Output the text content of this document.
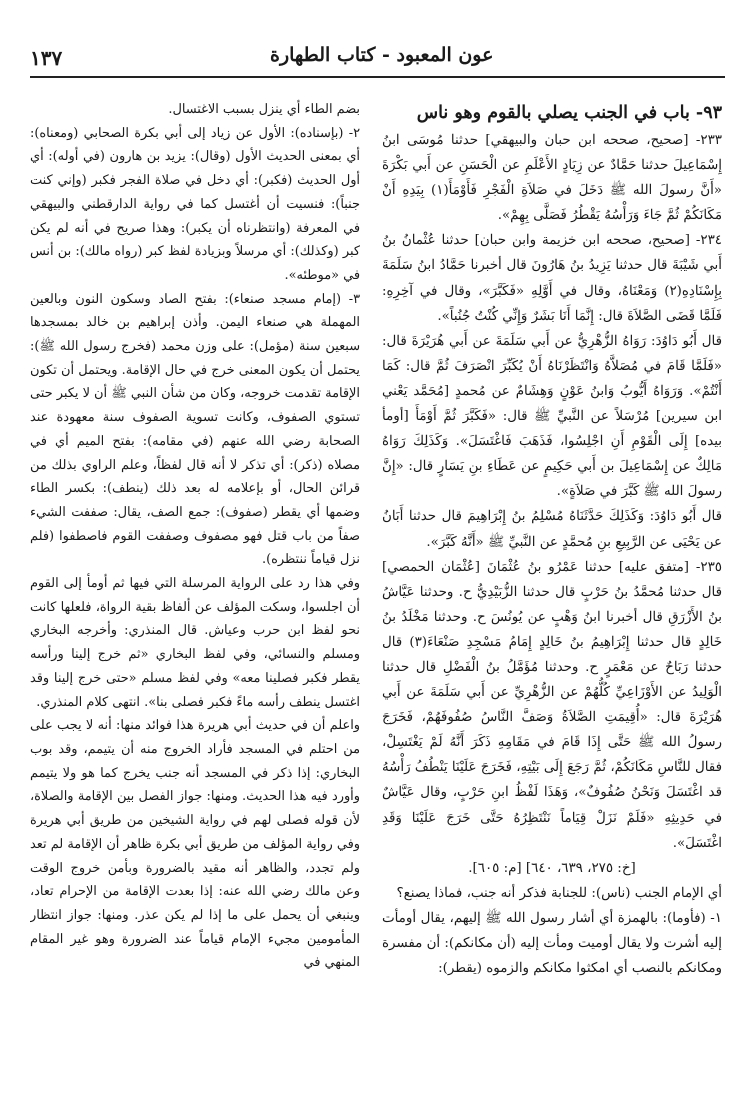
١٣٧	عون المعبود - كتاب الطهارة

٩٣- باب في الجنب يصلي بالقوم وهو ناس

٢٣٣- [صحيح، صححه ابن حبان والبيهقي] حدثنا مُوسَى ابنُ إِسْمَاعِيلَ حدثنا حَمَّادٌ عن زِيَادٍ الأَعْلَمِ عن الْحَسَنِ عن أَبي بَكْرَةَ «أَنَّ رسولَ الله ﷺ دَخَلَ في صَلاَةِ الْفَجْرِ فَأَوْمَأَ(١) بِيَدِهِ أَنْ مَكَانَكُمْ ثُمَّ جَاءَ وَرَأْسُهُ يَقْطُرُ فَصَلَّى بِهِمْ».

٢٣٤- [صحيح، صححه ابن خزيمة وابن حبان] حدثنا عُثْمانُ بنُ أَبي شَيْبَةَ قال حدثنا يَزِيدُ بنُ هَارُونَ قال أخبرنا حَمَّادُ ابنُ سَلَمَةَ بِإِسْنَادِهِ(٢) وَمَعْنَاهُ، وقال في أَوَّلِهِ «فَكَبَّرَ»، وقال في آخِرِهِ: فَلَمَّا قَضَى الصَّلاَةَ قال: إِنَّمَا أَنَا بَشَرٌ وَإِنِّي كُنْتُ جُنُباً».

قال أَبُو دَاوُدَ: رَوَاهُ الزُّهْرِيُّ عن أَبي سَلَمَةَ عن أَبي هُرَيْرَةَ قال: «فَلَمَّا قَامَ في مُصَلاَّهُ وَانْتَظَرْنَاهُ أَنْ يُكَبِّرَ انْصَرَفَ ثُمَّ قال: كَمَا أَنْتُمْ». وَرَوَاهُ أَيُّوبُ وَابنُ عَوْنٍ وَهِشَامٌ عن مُحمدٍ [مُحَمَّد يَعْني ابن سيرين] مُرْسَلاً عن النَّبيِّ ﷺ قال: «فَكَبَّرَ ثُمَّ أَوْمَأَ [أومأ بيده] إِلَى الْقَوْمِ أَنِ اجْلِسُوا، فَذَهَبَ فَاغْتَسَلَ». وَكَذَلِكَ رَوَاهُ مَالِكٌ عن إِسْمَاعِيلَ بن أَبي حَكِيمٍ عن عَطَاءِ بنِ يَسَارٍ قال: «إِنَّ رسولَ الله ﷺ كَبَّرَ في صَلاَةٍ».

قال أَبُو دَاوُدَ: وَكَذَلِكَ حَدَّثَنَاهُ مُسْلِمُ بنُ إِبْرَاهِيمَ قال حدثنا أَبَانُ عن يَحْيَى عن الرَّبِيعِ بنِ مُحمَّدٍ عن النَّبيِّ ﷺ «أَنَّهُ كَبَّرَ».

٢٣٥- [متفق عليه] حدثنا عَمْرُو بنُ عُثْمَانَ [عُثْمَان الحمصي] قال حدثنا مُحمَّدُ بنُ حَرْبٍ قال حدثنا الزُّبَيْدِيُّ ح. وحدثنا عَيَّاشُ بنُ الأَزْرَقِ قال أخبرنا ابنُ وَهْبٍ عن يُونُسَ ح. وحدثنا مَخْلَدُ بنُ خَالِدٍ قال حدثنا إِبْرَاهِيمُ بنُ خَالِدٍ إِمَامُ مَسْجِدِ صَنْعَاءَ(٣) قال حدثنا رَبَاحٌ عن مَعْمَرٍ ح. وحدثنا مُؤَمَّلُ بنُ الْفَضْلِ قال حدثنا الْوَلِيدُ عن الأَوْزَاعِيِّ كُلُّهُمْ عن الزُّهْرِيِّ عن أَبي سَلَمَةَ عن أَبي هُرَيْرَةَ قال: «أُقِيمَتِ الصَّلاَةُ وَصَفَّ النَّاسُ صُفُوفَهُمْ، فَخَرَجَ رسولُ الله ﷺ حَتَّى إِذَا قَامَ في مَقَامِهِ ذَكَرَ أَنَّهُ لَمْ يَغْتَسِلْ، فقال للنَّاسِ مَكَانَكُمْ، ثُمَّ رَجَعَ إِلَى بَيْتِهِ، فَخَرَجَ عَلَيْنَا يَنْطُفُ رَأْسُهُ قد اغْتَسَلَ وَنَحْنُ صُفُوفٌ»، وَهَذَا لَفْظُ ابنِ حَرْبٍ، وقال عَيَّاشٌ في حَدِيثِهِ «فَلَمْ نَزَلْ قِيَاماً نَنْتَظِرُهُ حَتَّى خَرَجَ عَلَيْنَا وَقَدِ اغْتَسَلَ».

[خ: ٢٧٥، ٦٣٩، ٦٤٠] [م: ٦٠٥].

أي الإمام الجنب (ناس): للجنابة فذكر أنه جنب، فماذا يصنع؟

١- (فأوما): بالهمزة أي أشار رسول الله ﷺ إليهم، يقال أومأت إليه أشرت ولا يقال أوميت ومأت إليه (أن مكانكم): أن مفسرة ومكانكم بالنصب أي امكثوا مكانكم والزموه (يقطر):

بضم الطاء أي ينزل بسبب الاغتسال.

٢- (بإسناده): الأول عن زياد إلى أبي بكرة الصحابي (ومعناه): أي بمعنى الحديث الأول (وقال): يزيد بن هارون (في أوله): أي أول الحديث (فكبر): أي دخل في صلاة الفجر فكبر (وإني كنت جنباً): فنسيت أن أغتسل كما في رواية الدارقطني والبيهقي في المعرفة (وانتظرناه أن يكبر): وهذا صريح في أنه لم يكن كبر (وكذلك): أي مرسلاً وبزيادة لفظ كبر (رواه مالك): بن أنس في «موطئه».

٣- (إمام مسجد صنعاء): بفتح الصاد وسكون النون وبالعين المهملة هي صنعاء اليمن. وأذن إبراهيم بن خالد بمسجدها سبعين سنة (مؤمل): على وزن محمد (فخرج رسول الله ﷺ): يحتمل أن يكون المعنى خرج في حال الإقامة. ويحتمل أن تكون الإقامة تقدمت خروجه، وكان من شأن النبي ﷺ أن لا يكبر حتى تستوي الصفوف، وكانت تسوية الصفوف سنة معهودة عند الصحابة رضي الله عنهم (في مقامه): بفتح الميم أي في مصلاه (ذكر): أي تذكر لا أنه قال لفظاً، وعلم الراوي بذلك من قرائن الحال، أو بإعلامه له بعد ذلك (ينطف): بكسر الطاء وضمها أي يقطر (صفوف): جمع الصف، يقال: صففت الشيء صفاً من باب قتل فهو مصفوف وصففت القوم فاصطفوا (فلم نزل قياماً ننتظره).

وفي هذا رد على الرواية المرسلة التي فيها ثم أومأ إلى القوم أن اجلسوا، وسكت المؤلف عن ألفاظ بقية الرواة، فلعلها كانت نحو لفظ ابن حرب وعياش. قال المنذري: وأخرجه البخاري ومسلم والنسائي، وفي لفظ البخاري «ثم خرج إلينا ورأسه يقطر فكبر فصلينا معه» وفي لفظ مسلم «حتى خرج إلينا وقد اغتسل ينطف رأسه ماءً فكبر فصلى بنا». انتهى كلام المنذري.

واعلم أن في حديث أبي هريرة هذا فوائد منها: أنه لا يجب على من احتلم في المسجد فأراد الخروج منه أن يتيمم، وقد بوب البخاري: إذا ذكر في المسجد أنه جنب يخرج كما هو ولا يتيمم وأورد فيه هذا الحديث. ومنها: جواز الفصل بين الإقامة والصلاة، لأن قوله فصلى لهم في رواية الشيخين من طريق أبي هريرة وفي رواية المؤلف من طريق أبي بكرة ظاهر أن الإقامة لم تعد ولم تجدد، والظاهر أنه مقيد بالضرورة وبأمن خروج الوقت وعن مالك رضي الله عنه: إذا بعدت الإقامة من الإحرام تعاد، وينبغي أن يحمل على ما إذا لم يكن عذر. ومنها: جواز انتظار المأمومين مجيء الإمام قياماً عند الضرورة وهو غير المقام المنهي في
